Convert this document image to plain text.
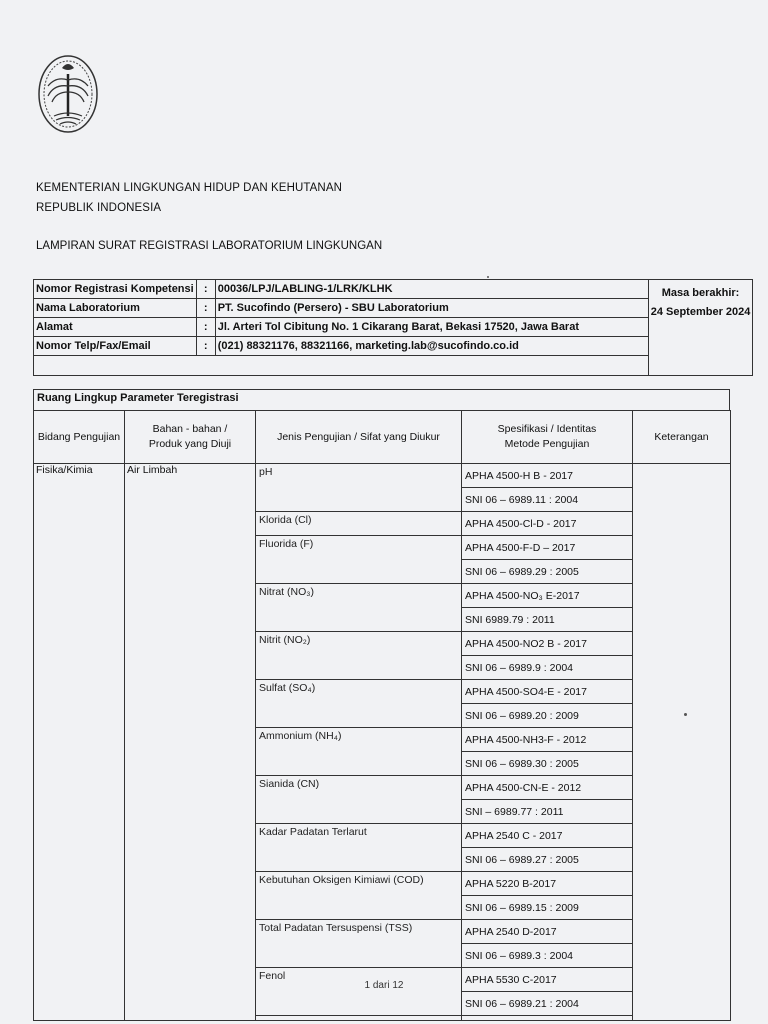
KEMENTERIAN LINGKUNGAN HIDUP DAN KEHUTANAN
REPUBLIK INDONESIA
LAMPIRAN SURAT REGISTRASI LABORATORIUM LINGKUNGAN
Nomor Registrasi Kompetensi	:	00036/LPJ/LABLING-1/LRK/KLHK	Masa berakhir:
24 September 2024

Nama Laboratorium	:	PT. Sucofindo (Persero) - SBU Laboratorium	
Alamat	:	Jl. Arteri Tol Cibitung No. 1 Cikarang Barat, Bekasi 17520, Jawa Barat	
Nomor Telp/Fax/Email	:	(021) 88321176, 88321166, marketing.lab@sucofindo.co.id	

Ruang Lingkup Parameter Teregistrasi
Bidang Pengujian	Bahan - bahan / Produk yang Diuji	Jenis Pengujian / Sifat yang Diukur	Spesifikasi / Identitas Metode Pengujian	Keterangan
Fisika/Kimia	Air Limbah	pH	APHA 4500-H B - 2017	
			SNI 06 – 6989.11 : 2004	
		Klorida (Cl)	APHA 4500-Cl-D - 2017	
		Fluorida (F)	APHA 4500-F-D – 2017	
			SNI 06 – 6989.29 : 2005	
		Nitrat (NO₃)	APHA 4500-NO₃ E-2017	
			SNI 6989.79 : 2011	
		Nitrit (NO₂)	APHA 4500-NO2 B - 2017	
			SNI 06 – 6989.9 : 2004	
		Sulfat (SO₄)	APHA 4500-SO4-E - 2017	
			SNI 06 – 6989.20 : 2009	
		Ammonium (NH₄)	APHA 4500-NH3-F - 2012	
			SNI 06 – 6989.30 : 2005	
		Sianida (CN)	APHA 4500-CN-E - 2012	
			SNI – 6989.77 : 2011	
		Kadar Padatan Terlarut	APHA 2540 C - 2017	
			SNI 06 – 6989.27 : 2005	
		Kebutuhan Oksigen Kimiawi (COD)	APHA 5220 B-2017	
			SNI 06 – 6989.15 : 2009	
		Total Padatan Tersuspensi (TSS)	APHA 2540 D-2017	
			SNI 06 – 6989.3 : 2004	
		Fenol	APHA 5530 C-2017	
			SNI 06 – 6989.21 : 2004	

1 dari 12
